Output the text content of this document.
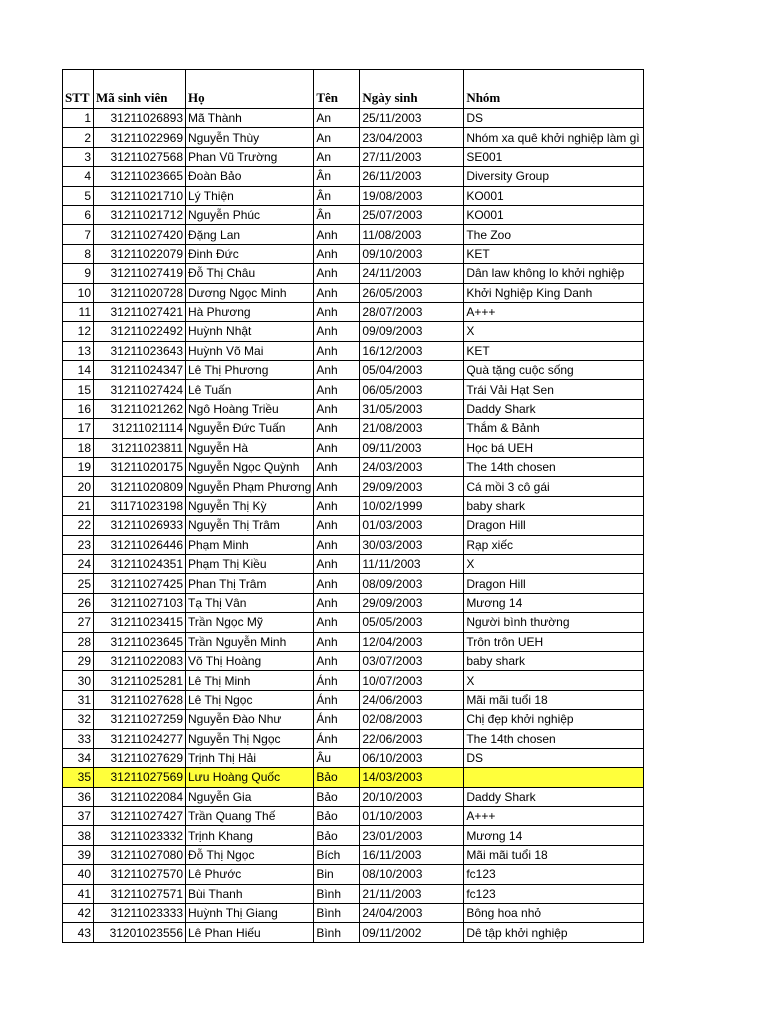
STT	Mã sinh viên	Họ	Tên	Ngày sinh	Nhóm
1	31211026893	Mã Thành	An	25/11/2003	DS
2	31211022969	Nguyễn Thùy	An	23/04/2003	Nhóm xa quê khởi nghiệp làm gì
3	31211027568	Phan Vũ Trường	An	27/11/2003	SE001
4	31211023665	Đoàn Bảo	Ân	26/11/2003	Diversity Group
5	31211021710	Lý Thiện	Ân	19/08/2003	KO001
6	31211021712	Nguyễn Phúc	Ân	25/07/2003	KO001
7	31211027420	Đặng Lan	Anh	11/08/2003	The Zoo
8	31211022079	Đinh Đức	Anh	09/10/2003	KET
9	31211027419	Đỗ Thị Châu	Anh	24/11/2003	Dân law không lo khởi nghiệp
10	31211020728	Dương Ngọc Minh	Anh	26/05/2003	Khởi Nghiệp King Danh
11	31211027421	Hà Phương	Anh	28/07/2003	A+++
12	31211022492	Huỳnh Nhật	Anh	09/09/2003	X
13	31211023643	Huỳnh Võ Mai	Anh	16/12/2003	KET
14	31211024347	Lê Thị Phương	Anh	05/04/2003	Quà tặng cuộc sống
15	31211027424	Lê Tuấn	Anh	06/05/2003	Trái Vải Hạt Sen
16	31211021262	Ngô Hoàng Triều	Anh	31/05/2003	Daddy Shark
17	31211021114	Nguyễn Đức Tuấn	Anh	21/08/2003	Thắm & Bảnh
18	31211023811	Nguyễn Hà	Anh	09/11/2003	Học bá UEH
19	31211020175	Nguyễn Ngọc Quỳnh	Anh	24/03/2003	The 14th chosen
20	31211020809	Nguyễn Phạm Phương	Anh	29/09/2003	Cá mồi 3 cô gái
21	31171023198	Nguyễn Thị Kỳ	Anh	10/02/1999	baby shark
22	31211026933	Nguyễn Thị Trâm	Anh	01/03/2003	Dragon Hill
23	31211026446	Phạm Minh	Anh	30/03/2003	Rạp xiếc
24	31211024351	Phạm Thị Kiều	Anh	11/11/2003	X
25	31211027425	Phan Thị Trâm	Anh	08/09/2003	Dragon Hill
26	31211027103	Tạ Thị Vân	Anh	29/09/2003	Mương 14
27	31211023415	Trần Ngọc Mỹ	Anh	05/05/2003	Người bình thường
28	31211023645	Trần Nguyễn Minh	Anh	12/04/2003	Trôn trôn UEH
29	31211022083	Võ Thị Hoàng	Anh	03/07/2003	baby shark
30	31211025281	Lê Thị Minh	Ánh	10/07/2003	X
31	31211027628	Lê Thị Ngọc	Ánh	24/06/2003	Mãi mãi tuổi 18
32	31211027259	Nguyễn Đào Như	Ánh	02/08/2003	Chị đẹp khởi nghiệp
33	31211024277	Nguyễn Thị Ngọc	Ánh	22/06/2003	The 14th chosen
34	31211027629	Trịnh Thị Hải	Âu	06/10/2003	DS
35	31211027569	Lưu Hoàng Quốc	Bảo	14/03/2003	
36	31211022084	Nguyễn Gia	Bảo	20/10/2003	Daddy Shark
37	31211027427	Trần Quang Thế	Bảo	01/10/2003	A+++
38	31211023332	Trịnh Khang	Bảo	23/01/2003	Mương 14
39	31211027080	Đỗ Thị Ngọc	Bích	16/11/2003	Mãi mãi tuổi 18
40	31211027570	Lê Phước	Bin	08/10/2003	fc123
41	31211027571	Bùi Thanh	Bình	21/11/2003	fc123
42	31211023333	Huỳnh Thị Giang	Bình	24/04/2003	Bông hoa nhỏ
43	31201023556	Lê Phan Hiếu	Bình	09/11/2002	Dê tập khởi nghiệp
